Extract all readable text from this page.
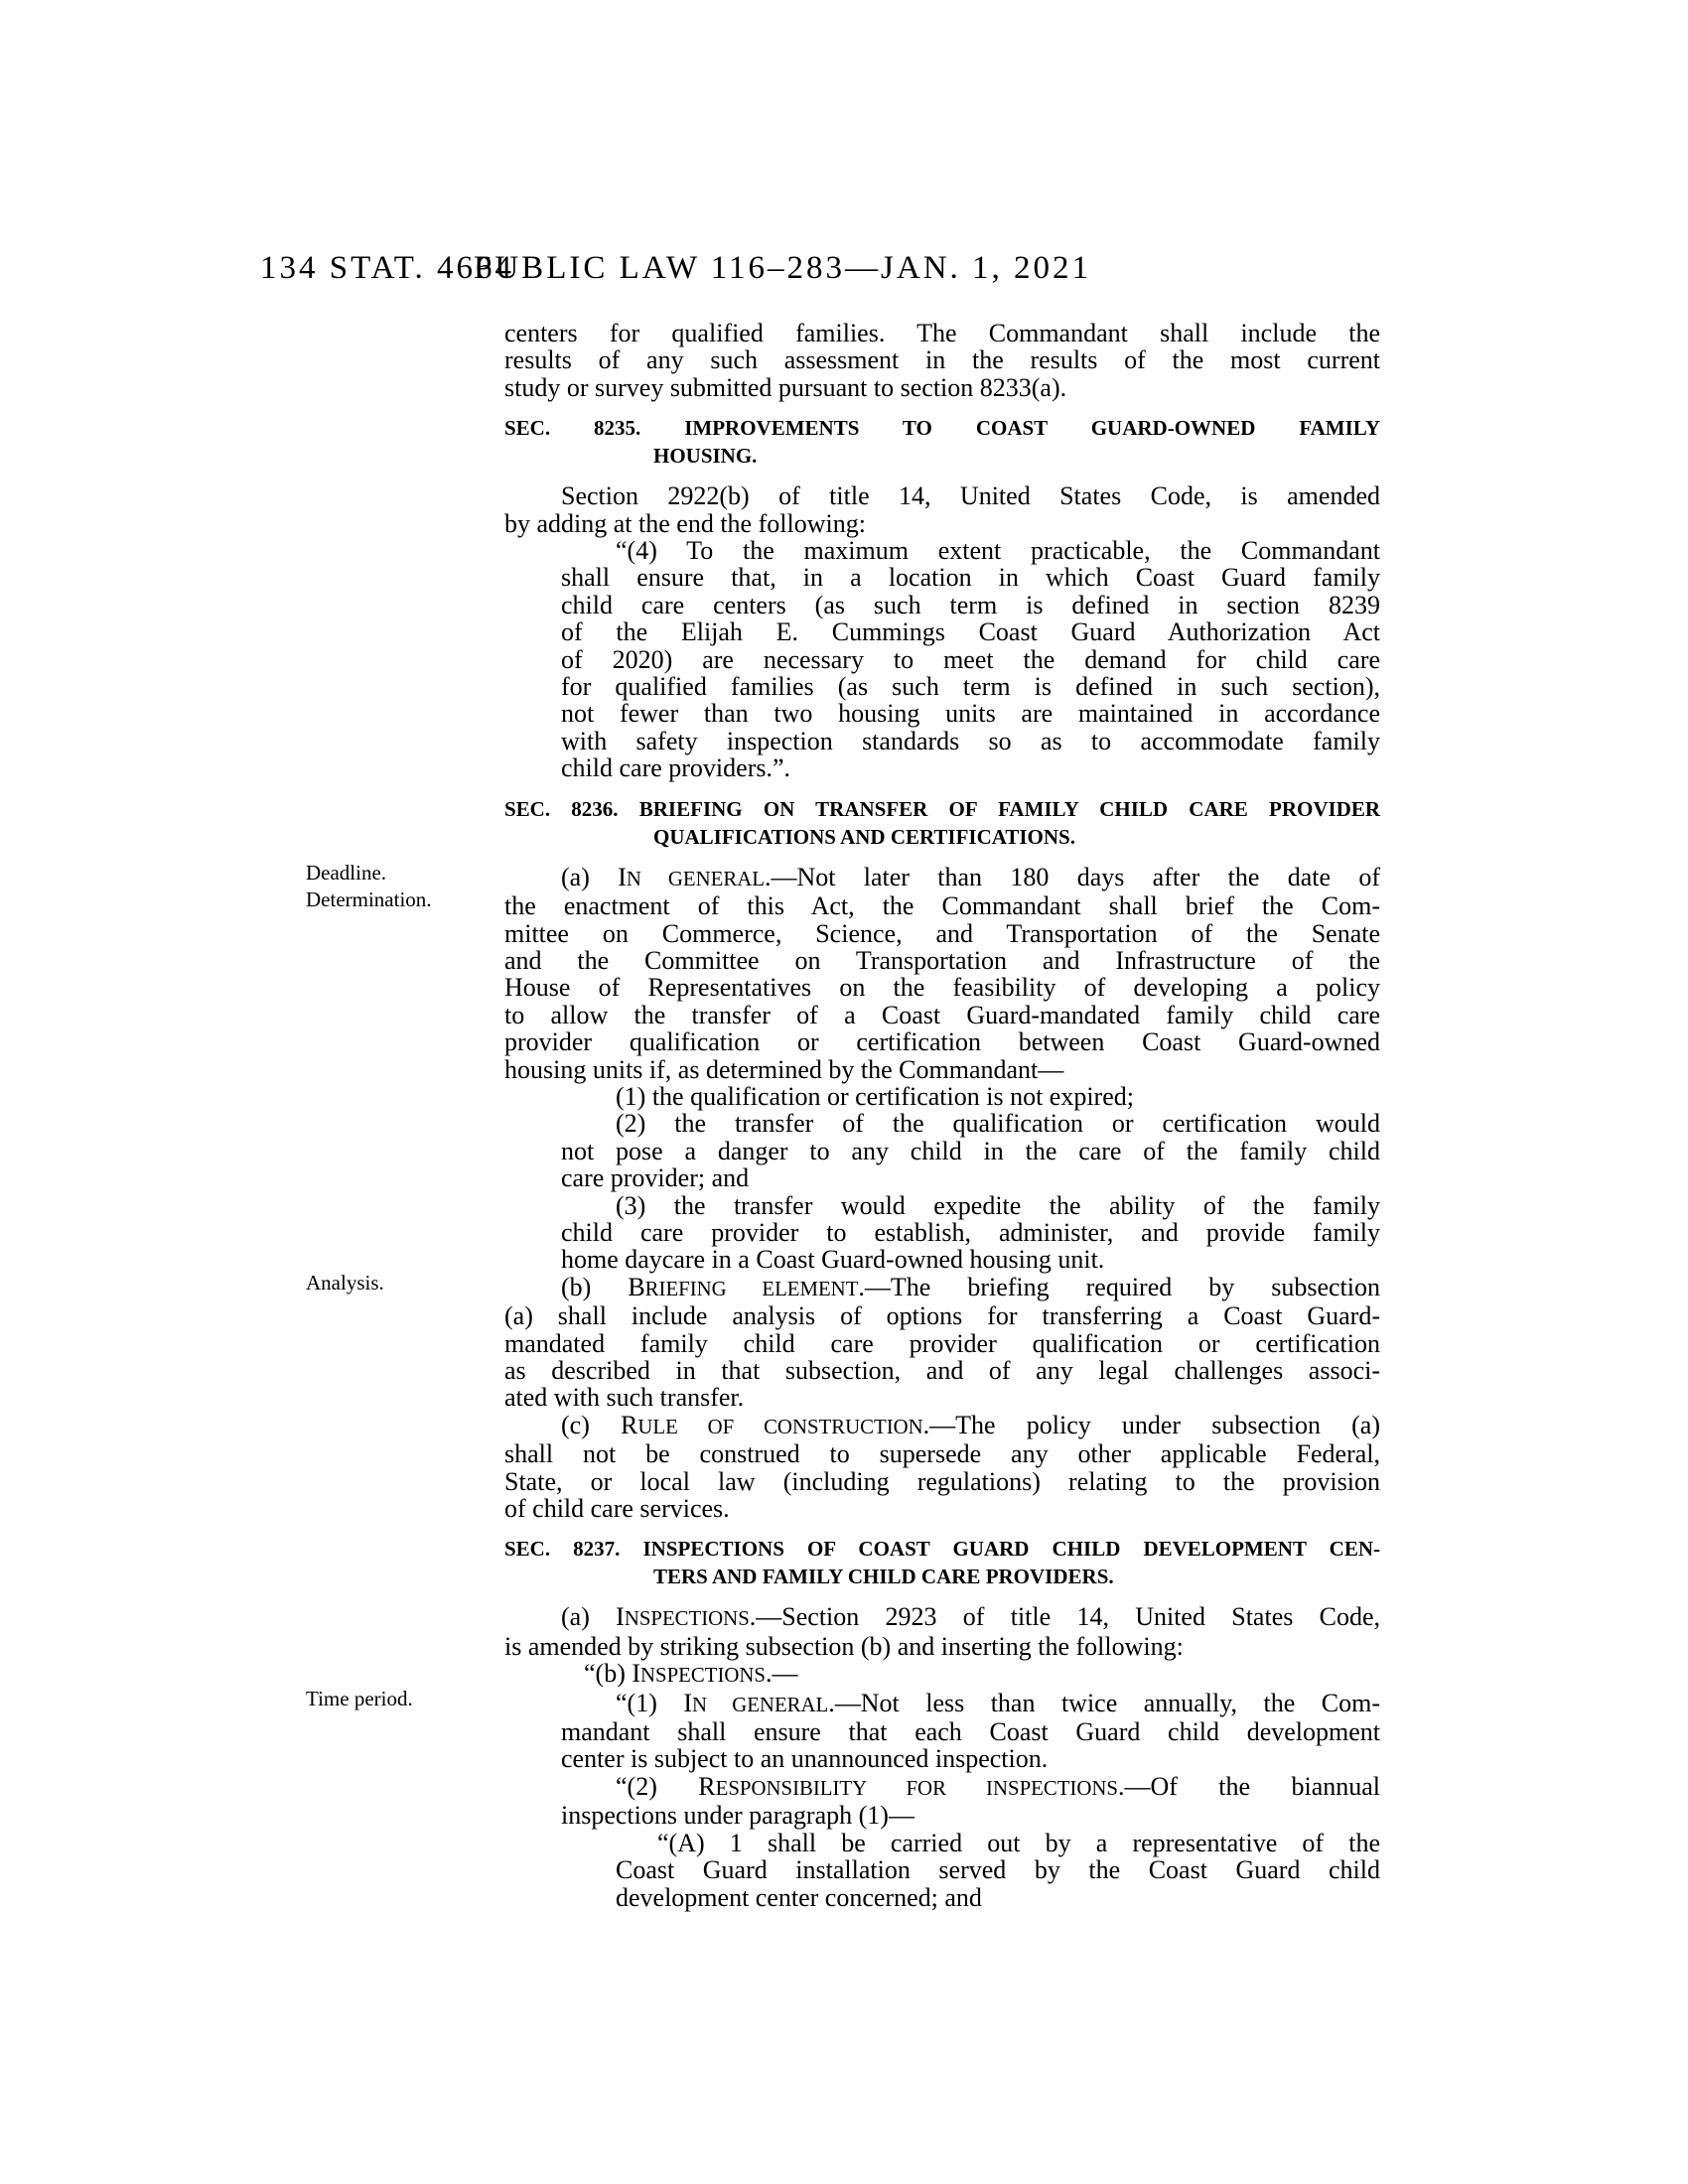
134 STAT. 4664
PUBLIC LAW 116–283—JAN. 1, 2021
centers for qualified families. The Commandant shall include the
results of any such assessment in the results of the most current
study or survey submitted pursuant to section 8233(a).
SEC. 8235. IMPROVEMENTS TO COAST GUARD-OWNED FAMILY
HOUSING.
Section 2922(b) of title 14, United States Code, is amended
by adding at the end the following:
“(4) To the maximum extent practicable, the Commandant
shall ensure that, in a location in which Coast Guard family
child care centers (as such term is defined in section 8239
of the Elijah E. Cummings Coast Guard Authorization Act
of 2020) are necessary to meet the demand for child care
for qualified families (as such term is defined in such section),
not fewer than two housing units are maintained in accordance
with safety inspection standards so as to accommodate family
child care providers.”.
SEC. 8236. BRIEFING ON TRANSFER OF FAMILY CHILD CARE PROVIDER
QUALIFICATIONS AND CERTIFICATIONS.
Deadline.
Determination.
(a) IN GENERAL.—Not later than 180 days after the date of
the enactment of this Act, the Commandant shall brief the Com-
mittee on Commerce, Science, and Transportation of the Senate
and the Committee on Transportation and Infrastructure of the
House of Representatives on the feasibility of developing a policy
to allow the transfer of a Coast Guard-mandated family child care
provider qualification or certification between Coast Guard-owned
housing units if, as determined by the Commandant—
(1) the qualification or certification is not expired;
(2) the transfer of the qualification or certification would
not pose a danger to any child in the care of the family child
care provider; and
(3) the transfer would expedite the ability of the family
child care provider to establish, administer, and provide family
home daycare in a Coast Guard-owned housing unit.
Analysis.	(b) BRIEFING ELEMENT.—The briefing required by subsection
(a) shall include analysis of options for transferring a Coast Guard-
mandated family child care provider qualification or certification
as described in that subsection, and of any legal challenges associ-
ated with such transfer.
(c) RULE OF CONSTRUCTION.—The policy under subsection (a)
shall not be construed to supersede any other applicable Federal,
State, or local law (including regulations) relating to the provision
of child care services.
SEC. 8237. INSPECTIONS OF COAST GUARD CHILD DEVELOPMENT CEN-
TERS AND FAMILY CHILD CARE PROVIDERS.
(a) INSPECTIONS.—Section 2923 of title 14, United States Code,
is amended by striking subsection (b) and inserting the following:
“(b) INSPECTIONS.—
Time period.	“(1) IN GENERAL.—Not less than twice annually, the Com-
mandant shall ensure that each Coast Guard child development
center is subject to an unannounced inspection.
“(2) RESPONSIBILITY FOR INSPECTIONS.—Of the biannual
inspections under paragraph (1)—
“(A) 1 shall be carried out by a representative of the
Coast Guard installation served by the Coast Guard child
development center concerned; and
